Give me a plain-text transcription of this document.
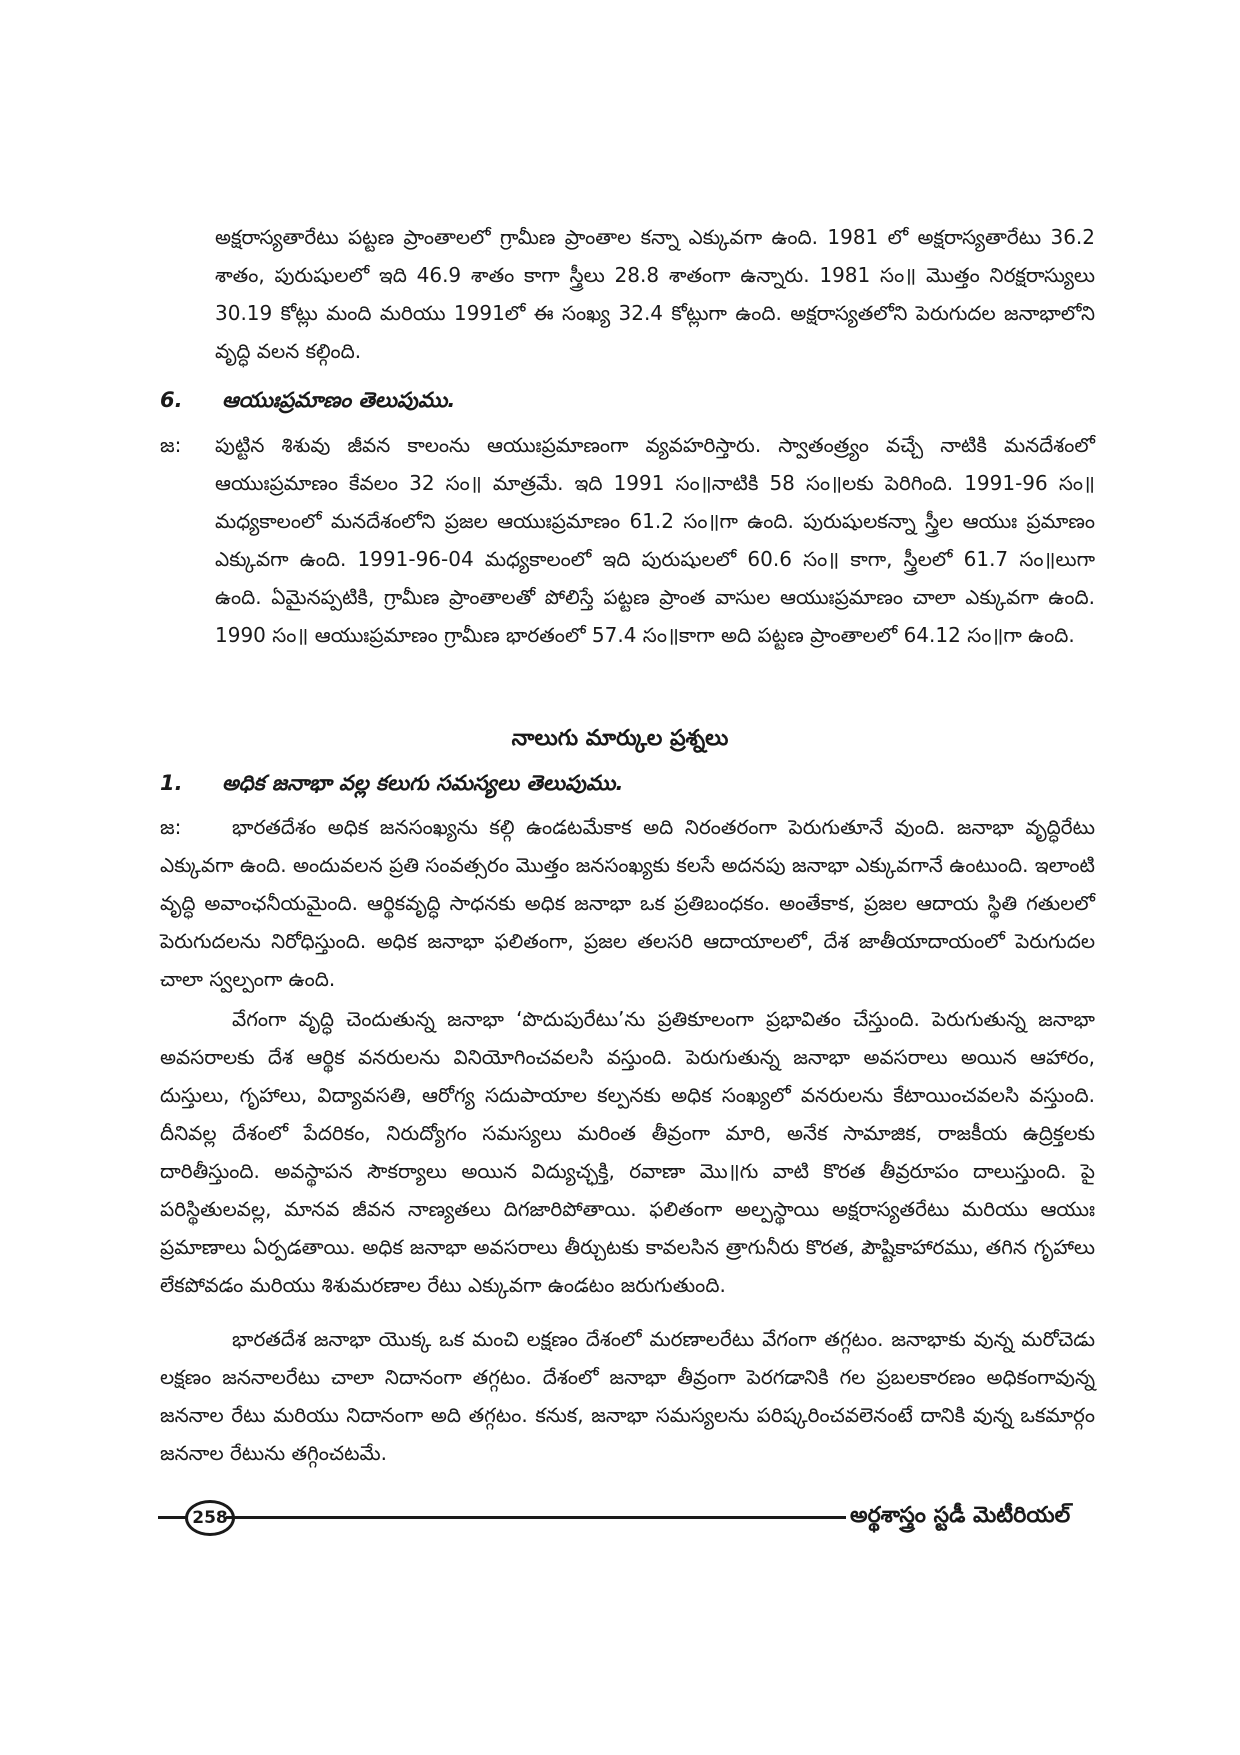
అక్షరాస్యతారేటు పట్టణ ప్రాంతాలలో గ్రామీణ ప్రాంతాల కన్నా ఎక్కువగా ఉంది. 1981 లో అక్షరాస్యతారేటు 36.2 శాతం, పురుషులలో ఇది 46.9 శాతం కాగా స్త్రీలు 28.8 శాతంగా ఉన్నారు. 1981 సం॥ మొత్తం నిరక్షరాస్యులు 30.19 కోట్లు మంది మరియు 1991లో ఈ సంఖ్య 32.4 కోట్లుగా ఉంది. అక్షరాస్యతలోని పెరుగుదల జనాభాలోని వృద్ధి వలన కల్గింది.

6. ఆయుఃప్రమాణం తెలుపుము.
జ: పుట్టిన శిశువు జీవన కాలంను ఆయుఃప్రమాణంగా వ్యవహరిస్తారు. స్వాతంత్ర్యం వచ్చే నాటికి మనదేశంలో ఆయుఃప్రమాణం కేవలం 32 సం॥ మాత్రమే. ఇది 1991 సం॥నాటికి 58 సం॥లకు పెరిగింది. 1991-96 సం॥ మధ్యకాలంలో మనదేశంలోని ప్రజల ఆయుఃప్రమాణం 61.2 సం॥గా ఉంది. పురుషులకన్నా స్త్రీల ఆయుః ప్రమాణం ఎక్కువగా ఉంది. 1991-96-04 మధ్యకాలంలో ఇది పురుషులలో 60.6 సం॥ కాగా, స్త్రీలలో 61.7 సం॥లుగా ఉంది. ఏమైనప్పటికి, గ్రామీణ ప్రాంతాలతో పోలిస్తే పట్టణ ప్రాంత వాసుల ఆయుఃప్రమాణం చాలా ఎక్కువగా ఉంది. 1990 సం॥ ఆయుఃప్రమాణం గ్రామీణ భారతంలో 57.4 సం॥కాగా అది పట్టణ ప్రాంతాలలో 64.12 సం॥గా ఉంది.

నాలుగు మార్కుల ప్రశ్నలు
1. అధిక జనాభా వల్ల కలుగు సమస్యలు తెలుపుము.
జ:	భారతదేశం అధిక జనసంఖ్యను కల్గి ఉండటమేకాక అది నిరంతరంగా పెరుగుతూనే వుంది. జనాభా వృద్ధిరేటు ఎక్కువగా ఉంది. అందువలన ప్రతి సంవత్సరం మొత్తం జనసంఖ్యకు కలసే అదనపు జనాభా ఎక్కువగానే ఉంటుంది. ఇలాంటి వృద్ధి అవాంఛనీయమైంది. ఆర్థికవృద్ధి సాధనకు అధిక జనాభా ఒక ప్రతిబంధకం. అంతేకాక, ప్రజల ఆదాయ స్థితి గతులలో పెరుగుదలను నిరోధిస్తుంది. అధిక జనాభా ఫలితంగా, ప్రజల తలసరి ఆదాయాలలో, దేశ జాతీయాదాయంలో పెరుగుదల చాలా స్వల్పంగా ఉంది.

వేగంగా వృద్ధి చెందుతున్న జనాభా ‘పొదుపురేటు’ను ప్రతికూలంగా ప్రభావితం చేస్తుంది. పెరుగుతున్న జనాభా అవసరాలకు దేశ ఆర్థిక వనరులను వినియోగించవలసి వస్తుంది. పెరుగుతున్న జనాభా అవసరాలు అయిన ఆహారం, దుస్తులు, గృహాలు, విద్యావసతి, ఆరోగ్య సదుపాయాల కల్పనకు అధిక సంఖ్యలో వనరులను కేటాయించవలసి వస్తుంది. దీనివల్ల దేశంలో పేదరికం, నిరుద్యోగం సమస్యలు మరింత తీవ్రంగా మారి, అనేక సామాజిక, రాజకీయ ఉద్రిక్తలకు దారితీస్తుంది. అవస్థాపన సౌకర్యాలు అయిన విద్యుచ్ఛక్తి, రవాణా మొ॥గు వాటి కొరత తీవ్రరూపం దాలుస్తుంది. పై పరిస్థితులవల్ల, మానవ జీవన నాణ్యతలు దిగజారిపోతాయి. ఫలితంగా అల్పస్థాయి అక్షరాస్యతరేటు మరియు ఆయుః ప్రమాణాలు ఏర్పడతాయి. అధిక జనాభా అవసరాలు తీర్చుటకు కావలసిన త్రాగునీరు కొరత, పౌష్టికాహారము, తగిన గృహాలు లేకపోవడం మరియు శిశుమరణాల రేటు ఎక్కువగా ఉండటం జరుగుతుంది.

భారతదేశ జనాభా యొక్క ఒక మంచి లక్షణం దేశంలో మరణాలరేటు వేగంగా తగ్గటం. జనాభాకు వున్న మరోచెడు లక్షణం జననాలరేటు చాలా నిదానంగా తగ్గటం. దేశంలో జనాభా తీవ్రంగా పెరగడానికి గల ప్రబలకారణం అధికంగావున్న జననాల రేటు మరియు నిదానంగా అది తగ్గటం. కనుక, జనాభా సమస్యలను పరిష్కరించవలెనంటే దానికి వున్న ఒకమార్గం జననాల రేటును తగ్గించటమే.

258	అర్థశాస్త్రం స్టడీ మెటీరియల్
